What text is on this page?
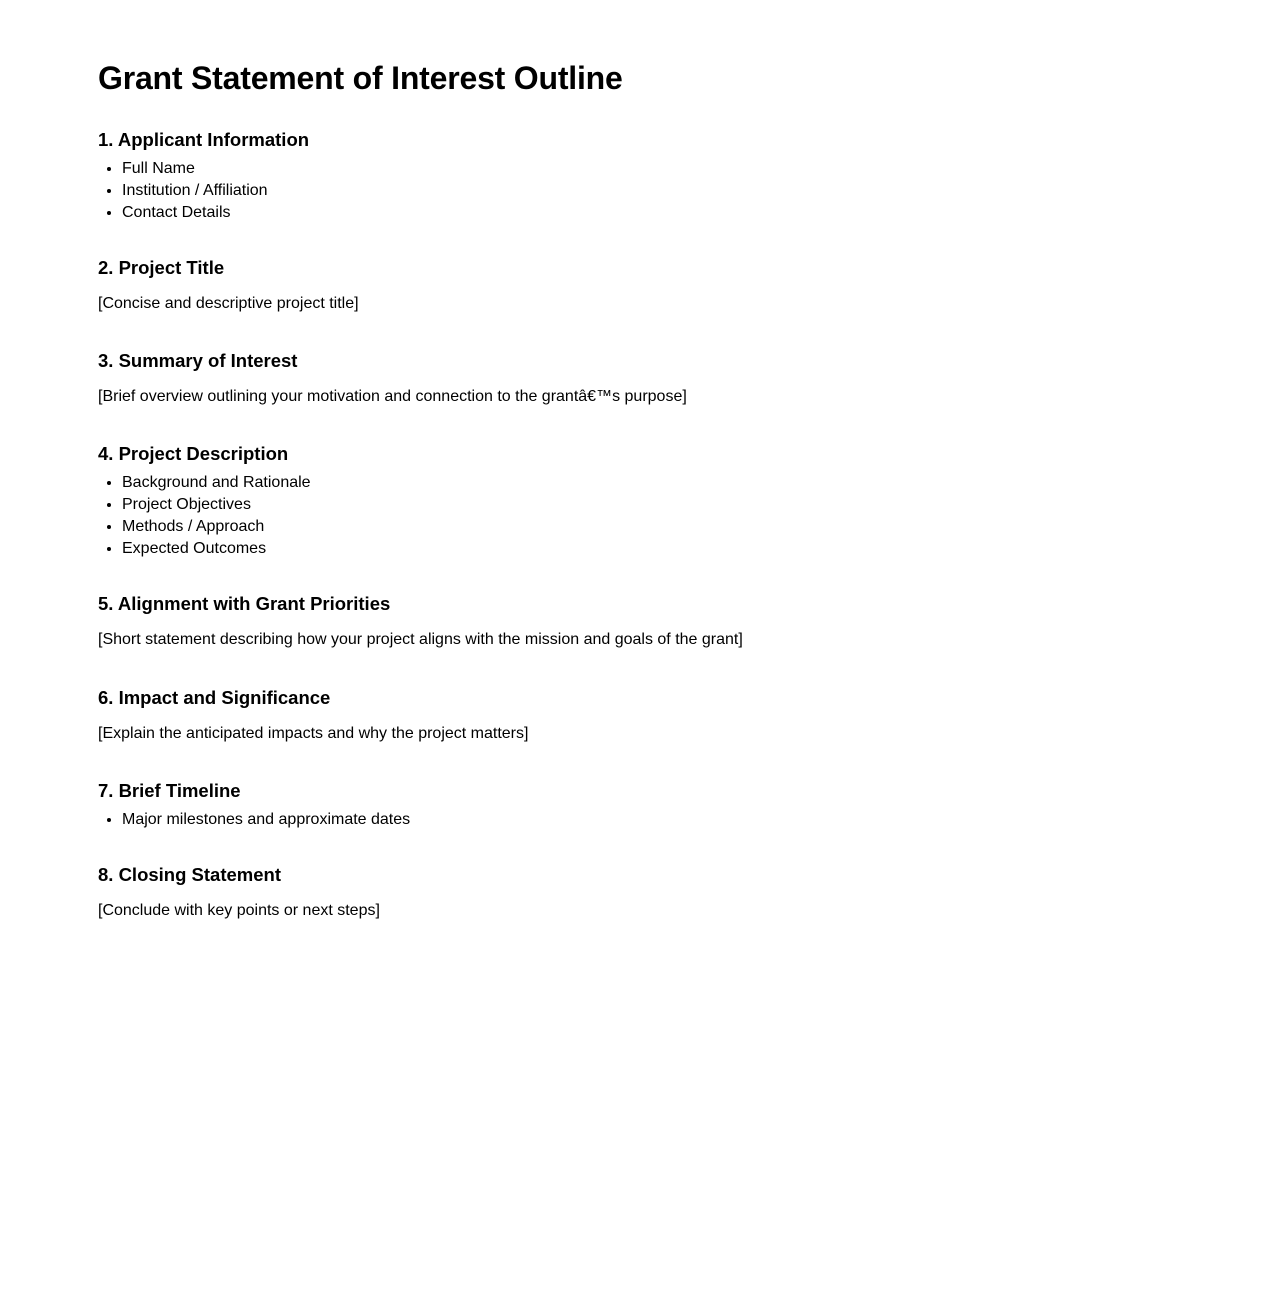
Grant Statement of Interest Outline
1. Applicant Information
• Full Name
• Institution / Affiliation
• Contact Details
2. Project Title

[Concise and descriptive project title]

3. Summary of Interest

[Brief overview outlining your motivation and connection to the grantâ€™s purpose]

4. Project Description
• Background and Rationale
• Project Objectives
• Methods / Approach
• Expected Outcomes
5. Alignment with Grant Priorities

[Short statement describing how your project aligns with the mission and goals of the grant]

6. Impact and Significance

[Explain the anticipated impacts and why the project matters]

7. Brief Timeline
• Major milestones and approximate dates
8. Closing Statement

[Conclude with key points or next steps]
